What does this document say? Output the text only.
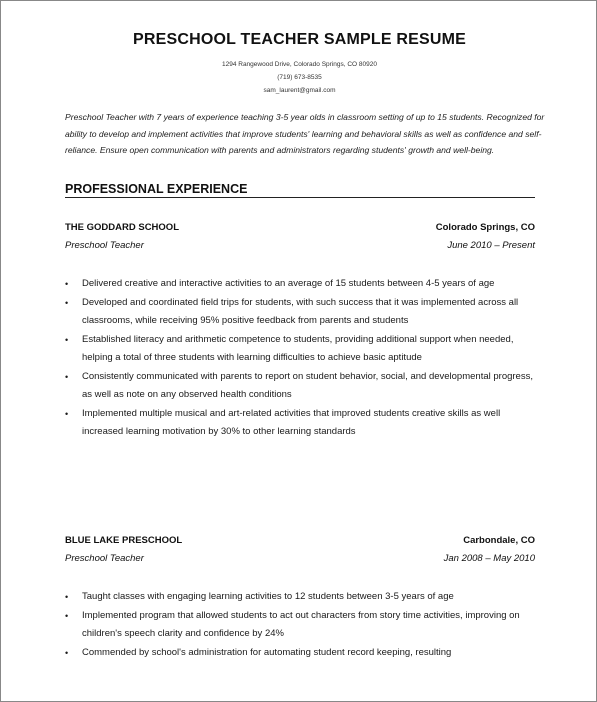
PRESCHOOL TEACHER SAMPLE RESUME
1294 Rangewood Drive, Colorado Springs, CO 80920
(719) 673-8535
sam_laurent@gmail.com
Preschool Teacher with 7 years of experience teaching 3-5 year olds in classroom setting of up to 15 students. Recognized for ability to develop and implement activities that improve students' learning and behavioral skills as well as confidence and self-reliance. Ensure open communication with parents and administrators regarding students' growth and well-being.
PROFESSIONAL EXPERIENCE
THE GODDARD SCHOOL	Colorado Springs, CO
Preschool Teacher	June 2010 – Present
• Delivered creative and interactive activities to an average of 15 students between 4-5 years of age
• Developed and coordinated field trips for students, with such success that it was implemented across all classrooms, while receiving 95% positive feedback from parents and students
• Established literacy and arithmetic competence to students, providing additional support when needed, helping a total of three students with learning difficulties to achieve basic aptitude
• Consistently communicated with parents to report on student behavior, social, and developmental progress, as well as note on any observed health conditions
• Implemented multiple musical and art-related activities that improved students creative skills as well increased learning motivation by 30% to other learning standards
BLUE LAKE PRESCHOOL	Carbondale, CO
Preschool Teacher	Jan 2008 – May 2010
• Taught classes with engaging learning activities to 12 students between 3-5 years of age
• Implemented program that allowed students to act out characters from story time activities, improving on children's speech clarity and confidence by 24%
• Commended by school's administration for automating student record keeping, resulting
